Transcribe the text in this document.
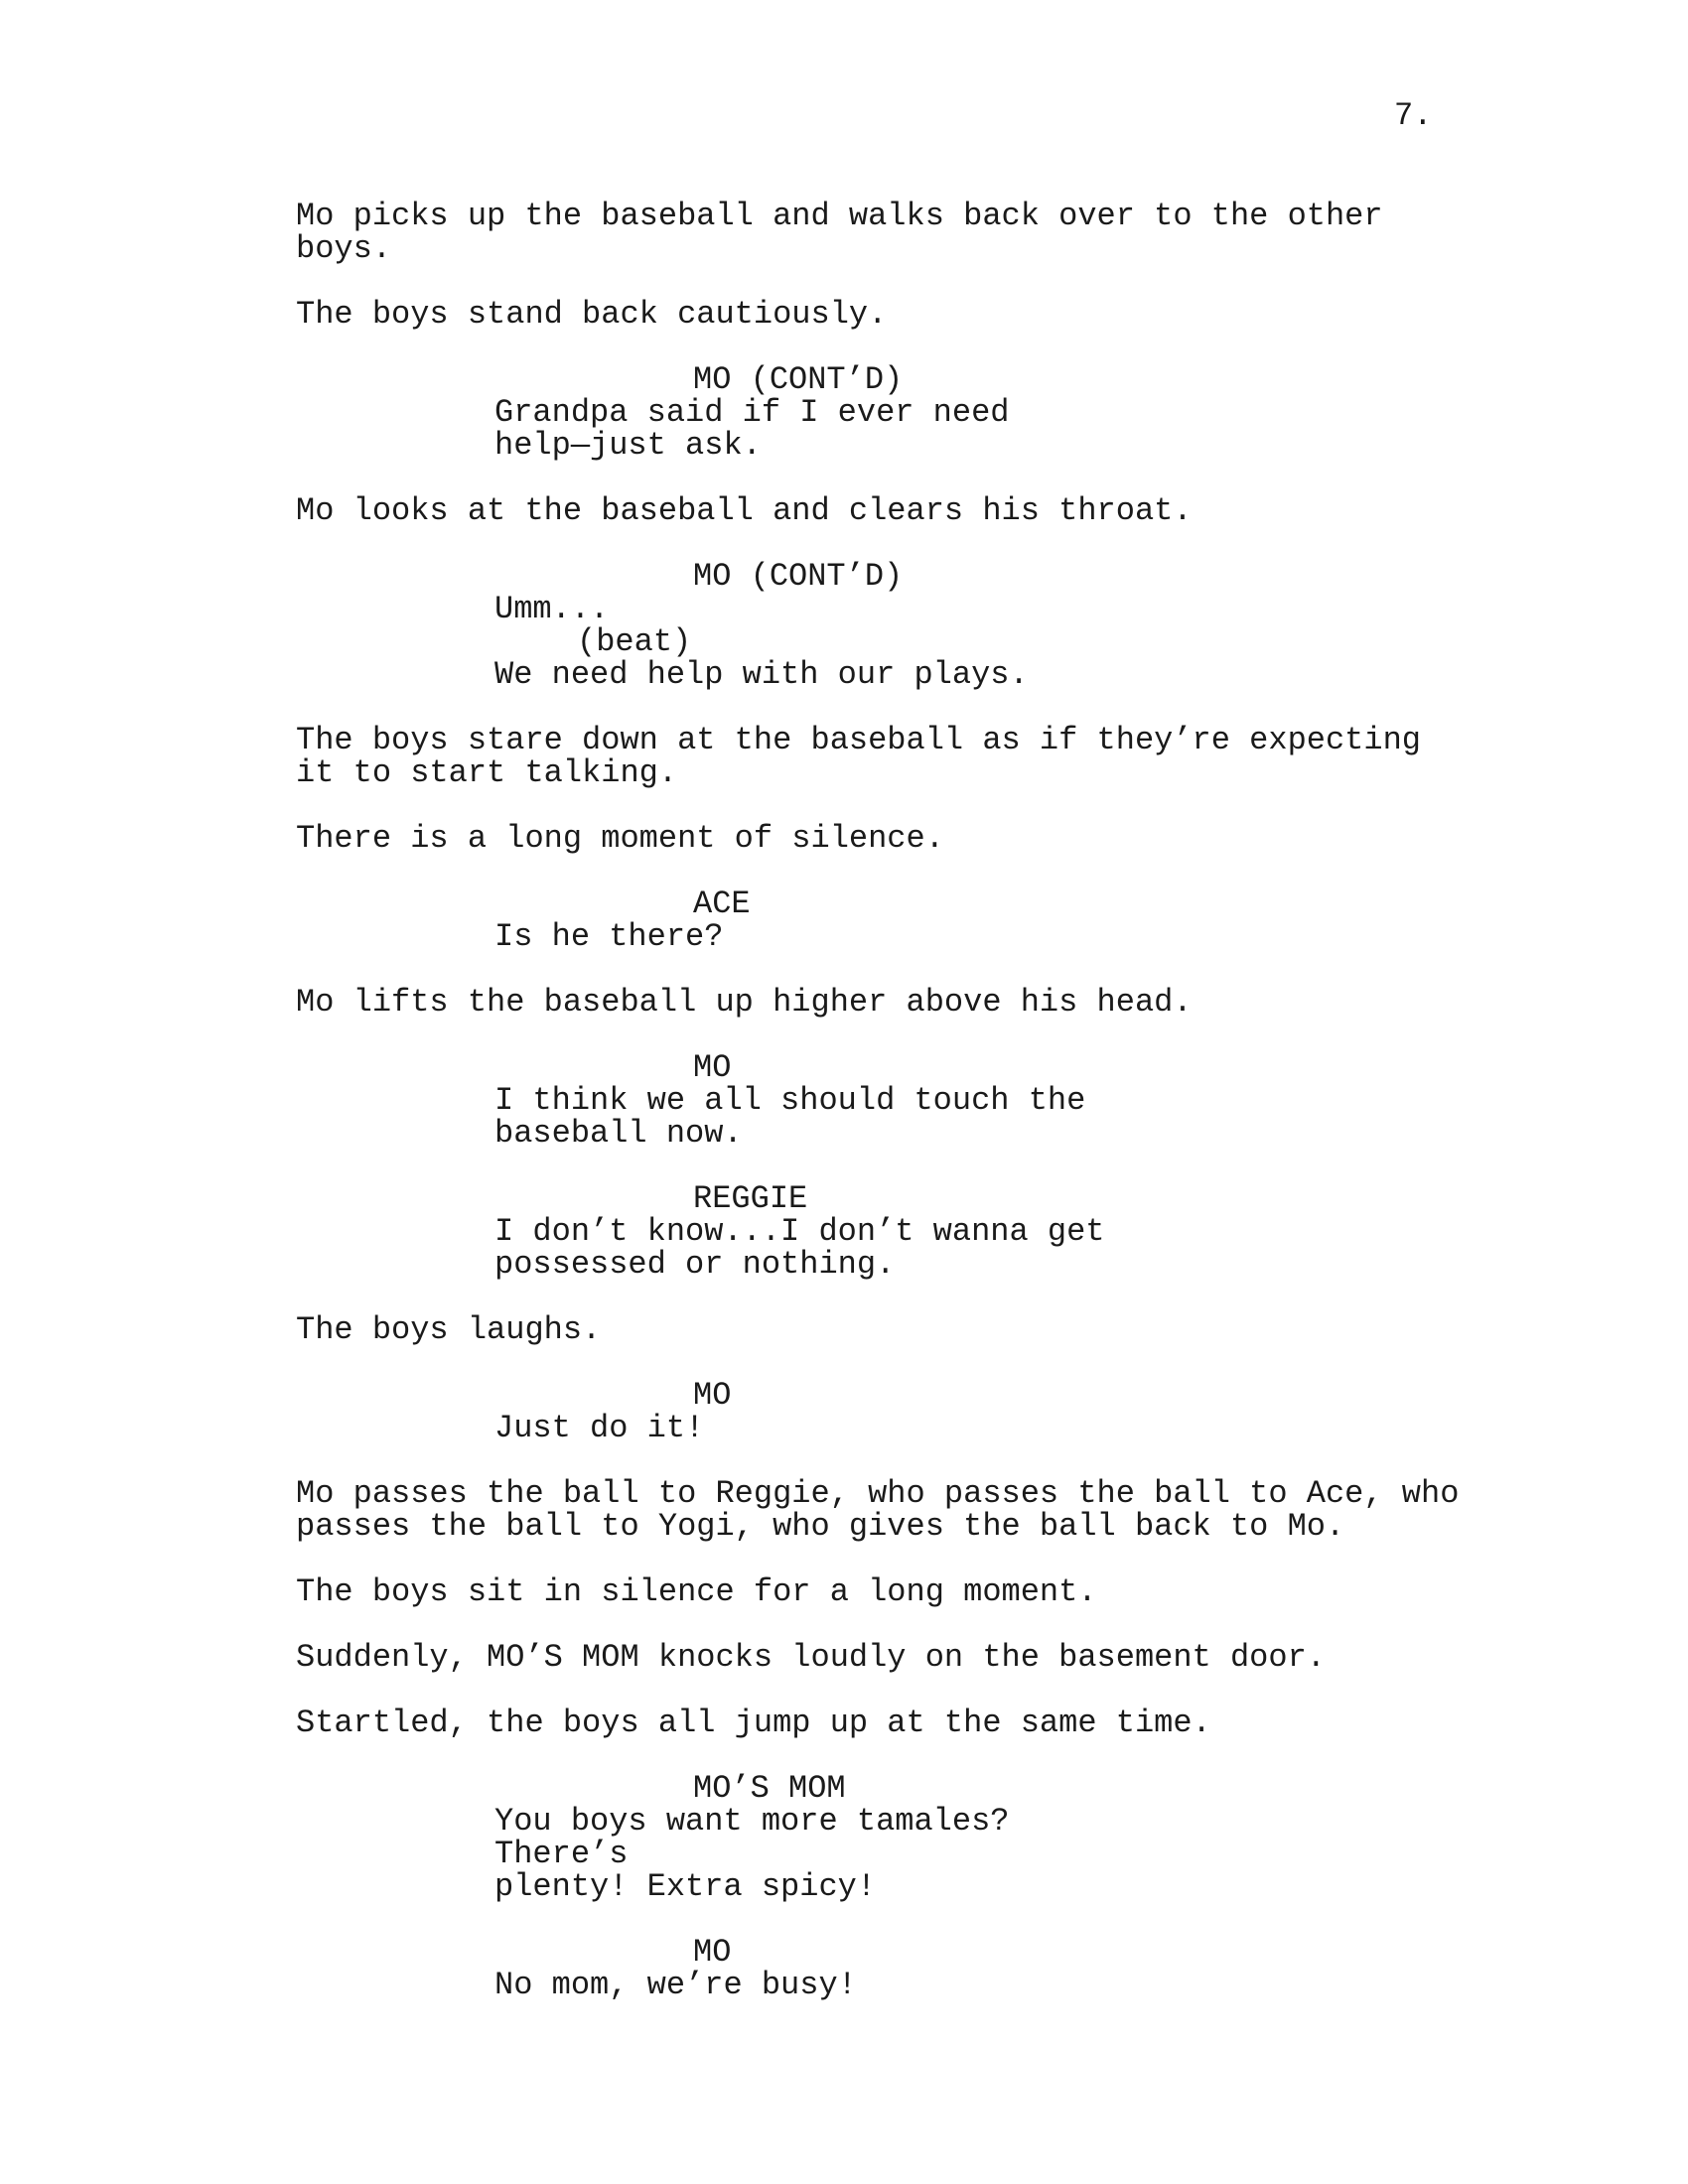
7.

Mo picks up the baseball and walks back over to the other
boys.

The boys stand back cautiously.

MO (CONT’D)
Grandpa said if I ever need
help—just ask.

Mo looks at the baseball and clears his throat.

MO (CONT’D)
Umm...
(beat)
We need help with our plays.

The boys stare down at the baseball as if they’re expecting
it to start talking.

There is a long moment of silence.

ACE
Is he there?

Mo lifts the baseball up higher above his head.

MO
I think we all should touch the
baseball now.
REGGIE
I don’t know...I don’t wanna get
possessed or nothing.

The boys laughs.

MO
Just do it!

Mo passes the ball to Reggie, who passes the ball to Ace, who
passes the ball to Yogi, who gives the ball back to Mo.

The boys sit in silence for a long moment.

Suddenly, MO’S MOM knocks loudly on the basement door.

Startled, the boys all jump up at the same time.

MO’S MOM
You boys want more tamales? There’s
plenty! Extra spicy!
MO
No mom, we’re busy!
